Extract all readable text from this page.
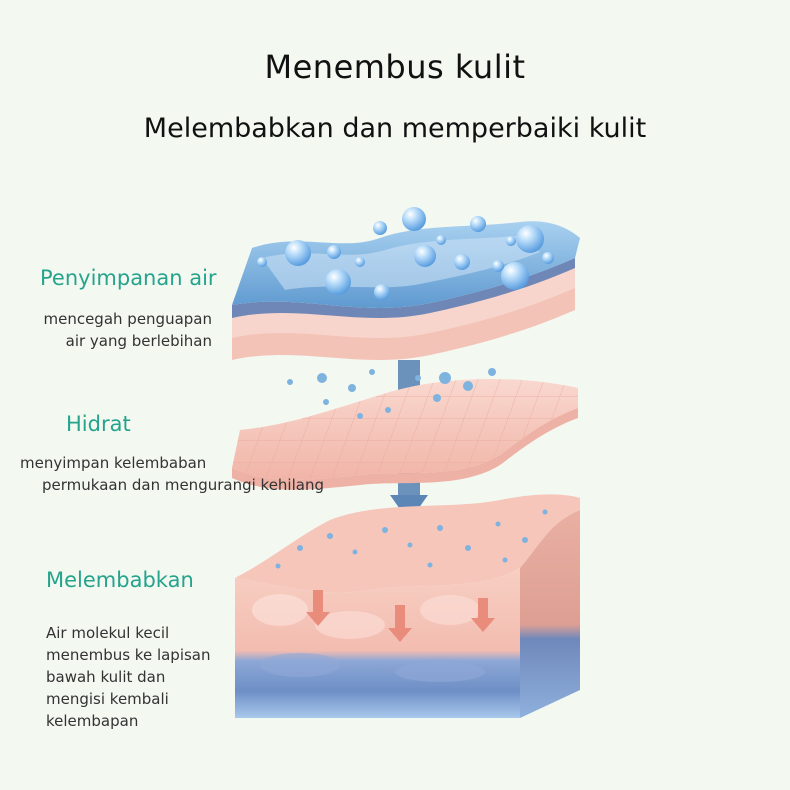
Menembus kulit
Melembabkan dan memperbaiki kulit
Penyimpanan air
mencegah penguapan
air yang berlebihan
Hidrat
menyimpan kelembaban
permukaan dan mengurangi kehilang
Melembabkan
Air molekul kecil
menembus ke lapisan
bawah kulit dan
mengisi kembali
kelembapan
